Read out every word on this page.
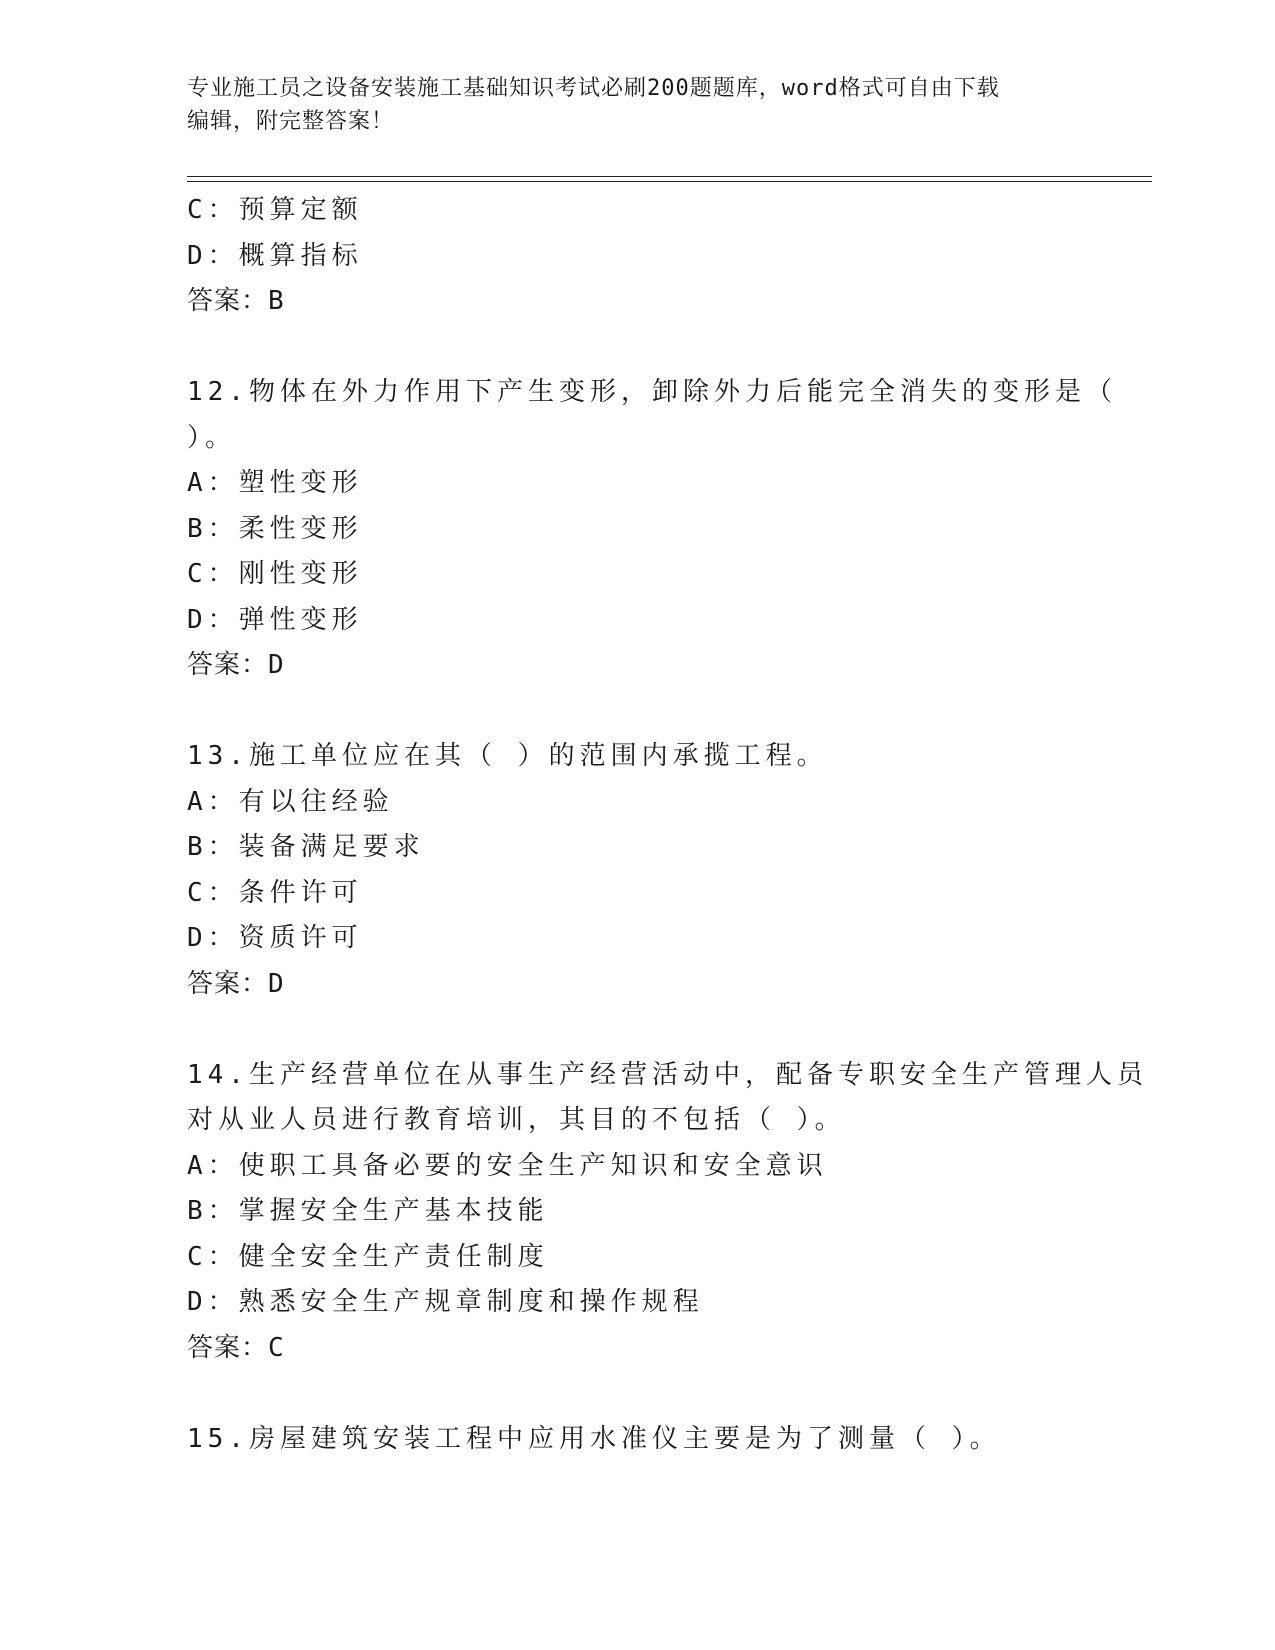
专业施工员之设备安装施工基础知识考试必刷200题题库，word格式可自由下载
编辑，附完整答案！
C：预算定额
D：概算指标
答案：B
12.物体在外力作用下产生变形，卸除外力后能完全消失的变形是（
）。
A：塑性变形
B：柔性变形
C：刚性变形
D：弹性变形
答案：D
13.施工单位应在其（ ）的范围内承揽工程。
A：有以往经验
B：装备满足要求
C：条件许可
D：资质许可
答案：D
14.生产经营单位在从事生产经营活动中，配备专职安全生产管理人员
对从业人员进行教育培训，其目的不包括（ ）。
A：使职工具备必要的安全生产知识和安全意识
B：掌握安全生产基本技能
C：健全安全生产责任制度
D：熟悉安全生产规章制度和操作规程
答案：C
15.房屋建筑安装工程中应用水准仪主要是为了测量（ ）。
